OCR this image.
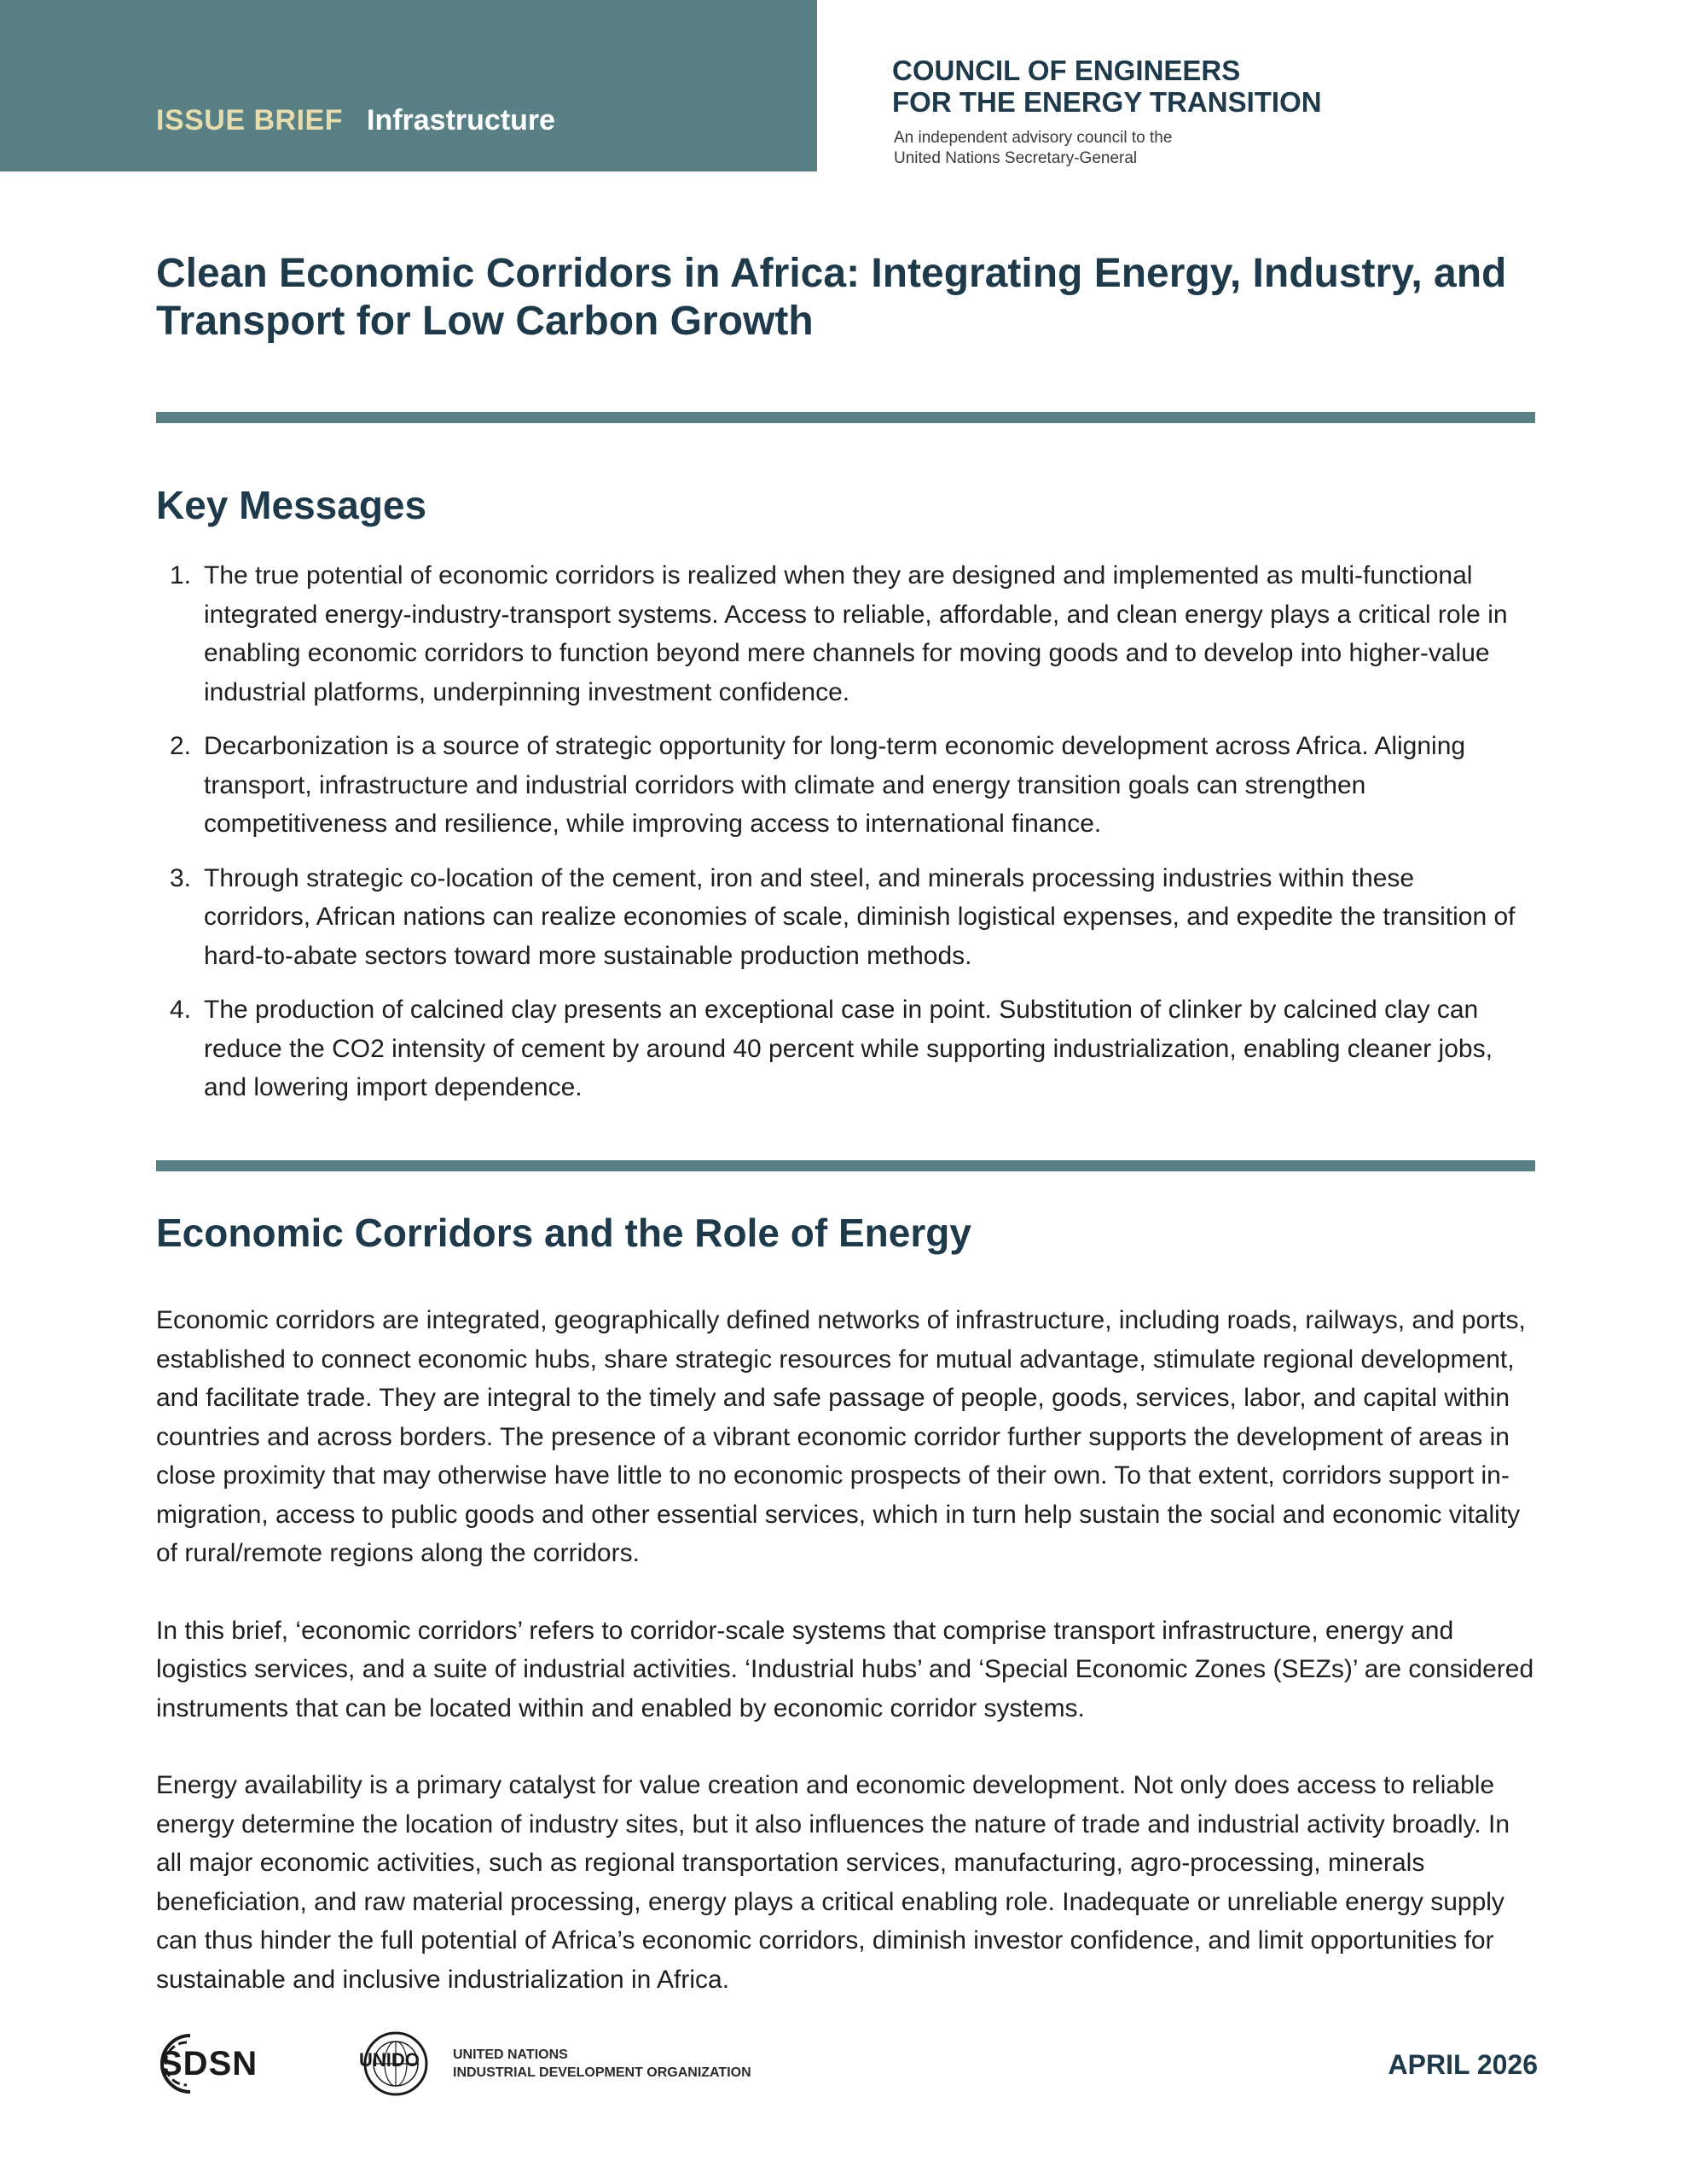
ISSUE BRIEF Infrastructure
COUNCIL OF ENGINEERS
FOR THE ENERGY TRANSITION
An independent advisory council to the
United Nations Secretary-General
Clean Economic Corridors in Africa: Integrating Energy, Industry, and Transport for Low Carbon Growth
Key Messages
1. The true potential of economic corridors is realized when they are designed and implemented as multi-functional integrated energy-industry-transport systems. Access to reliable, affordable, and clean energy plays a critical role in enabling economic corridors to function beyond mere channels for moving goods and to develop into higher-value industrial platforms, underpinning investment confidence.
2. Decarbonization is a source of strategic opportunity for long-term economic development across Africa. Aligning transport, infrastructure and industrial corridors with climate and energy transition goals can strengthen competitiveness and resilience, while improving access to international finance.
3. Through strategic co-location of the cement, iron and steel, and minerals processing industries within these corridors, African nations can realize economies of scale, diminish logistical expenses, and expedite the transition of hard-to-abate sectors toward more sustainable production methods.
4. The production of calcined clay presents an exceptional case in point. Substitution of clinker by calcined clay can reduce the CO2 intensity of cement by around 40 percent while supporting industrialization, enabling cleaner jobs, and lowering import dependence.
Economic Corridors and the Role of Energy

Economic corridors are integrated, geographically defined networks of infrastructure, including roads, railways, and ports, established to connect economic hubs, share strategic resources for mutual advantage, stimulate regional development, and facilitate trade. They are integral to the timely and safe passage of people, goods, services, labor, and capital within countries and across borders. The presence of a vibrant economic corridor further supports the development of areas in close proximity that may otherwise have little to no economic prospects of their own. To that extent, corridors support in-migration, access to public goods and other essential services, which in turn help sustain the social and economic vitality of rural/remote regions along the corridors.

In this brief, ‘economic corridors’ refers to corridor-scale systems that comprise transport infrastructure, energy and logistics services, and a suite of industrial activities. ‘Industrial hubs’ and ‘Special Economic Zones (SEZs)’ are considered instruments that can be located within and enabled by economic corridor systems.

Energy availability is a primary catalyst for value creation and economic development. Not only does access to reliable energy determine the location of industry sites, but it also influences the nature of trade and industrial activity broadly. In all major economic activities, such as regional transportation services, manufacturing, agro-processing, minerals beneficiation, and raw material processing, energy plays a critical enabling role. Inadequate or unreliable energy supply can thus hinder the full potential of Africa’s economic corridors, diminish investor confidence, and limit opportunities for sustainable and inclusive industrialization in Africa.

SDSN	UNIDO UNITED NATIONS
INDUSTRIAL DEVELOPMENT ORGANIZATION	APRIL 2026
